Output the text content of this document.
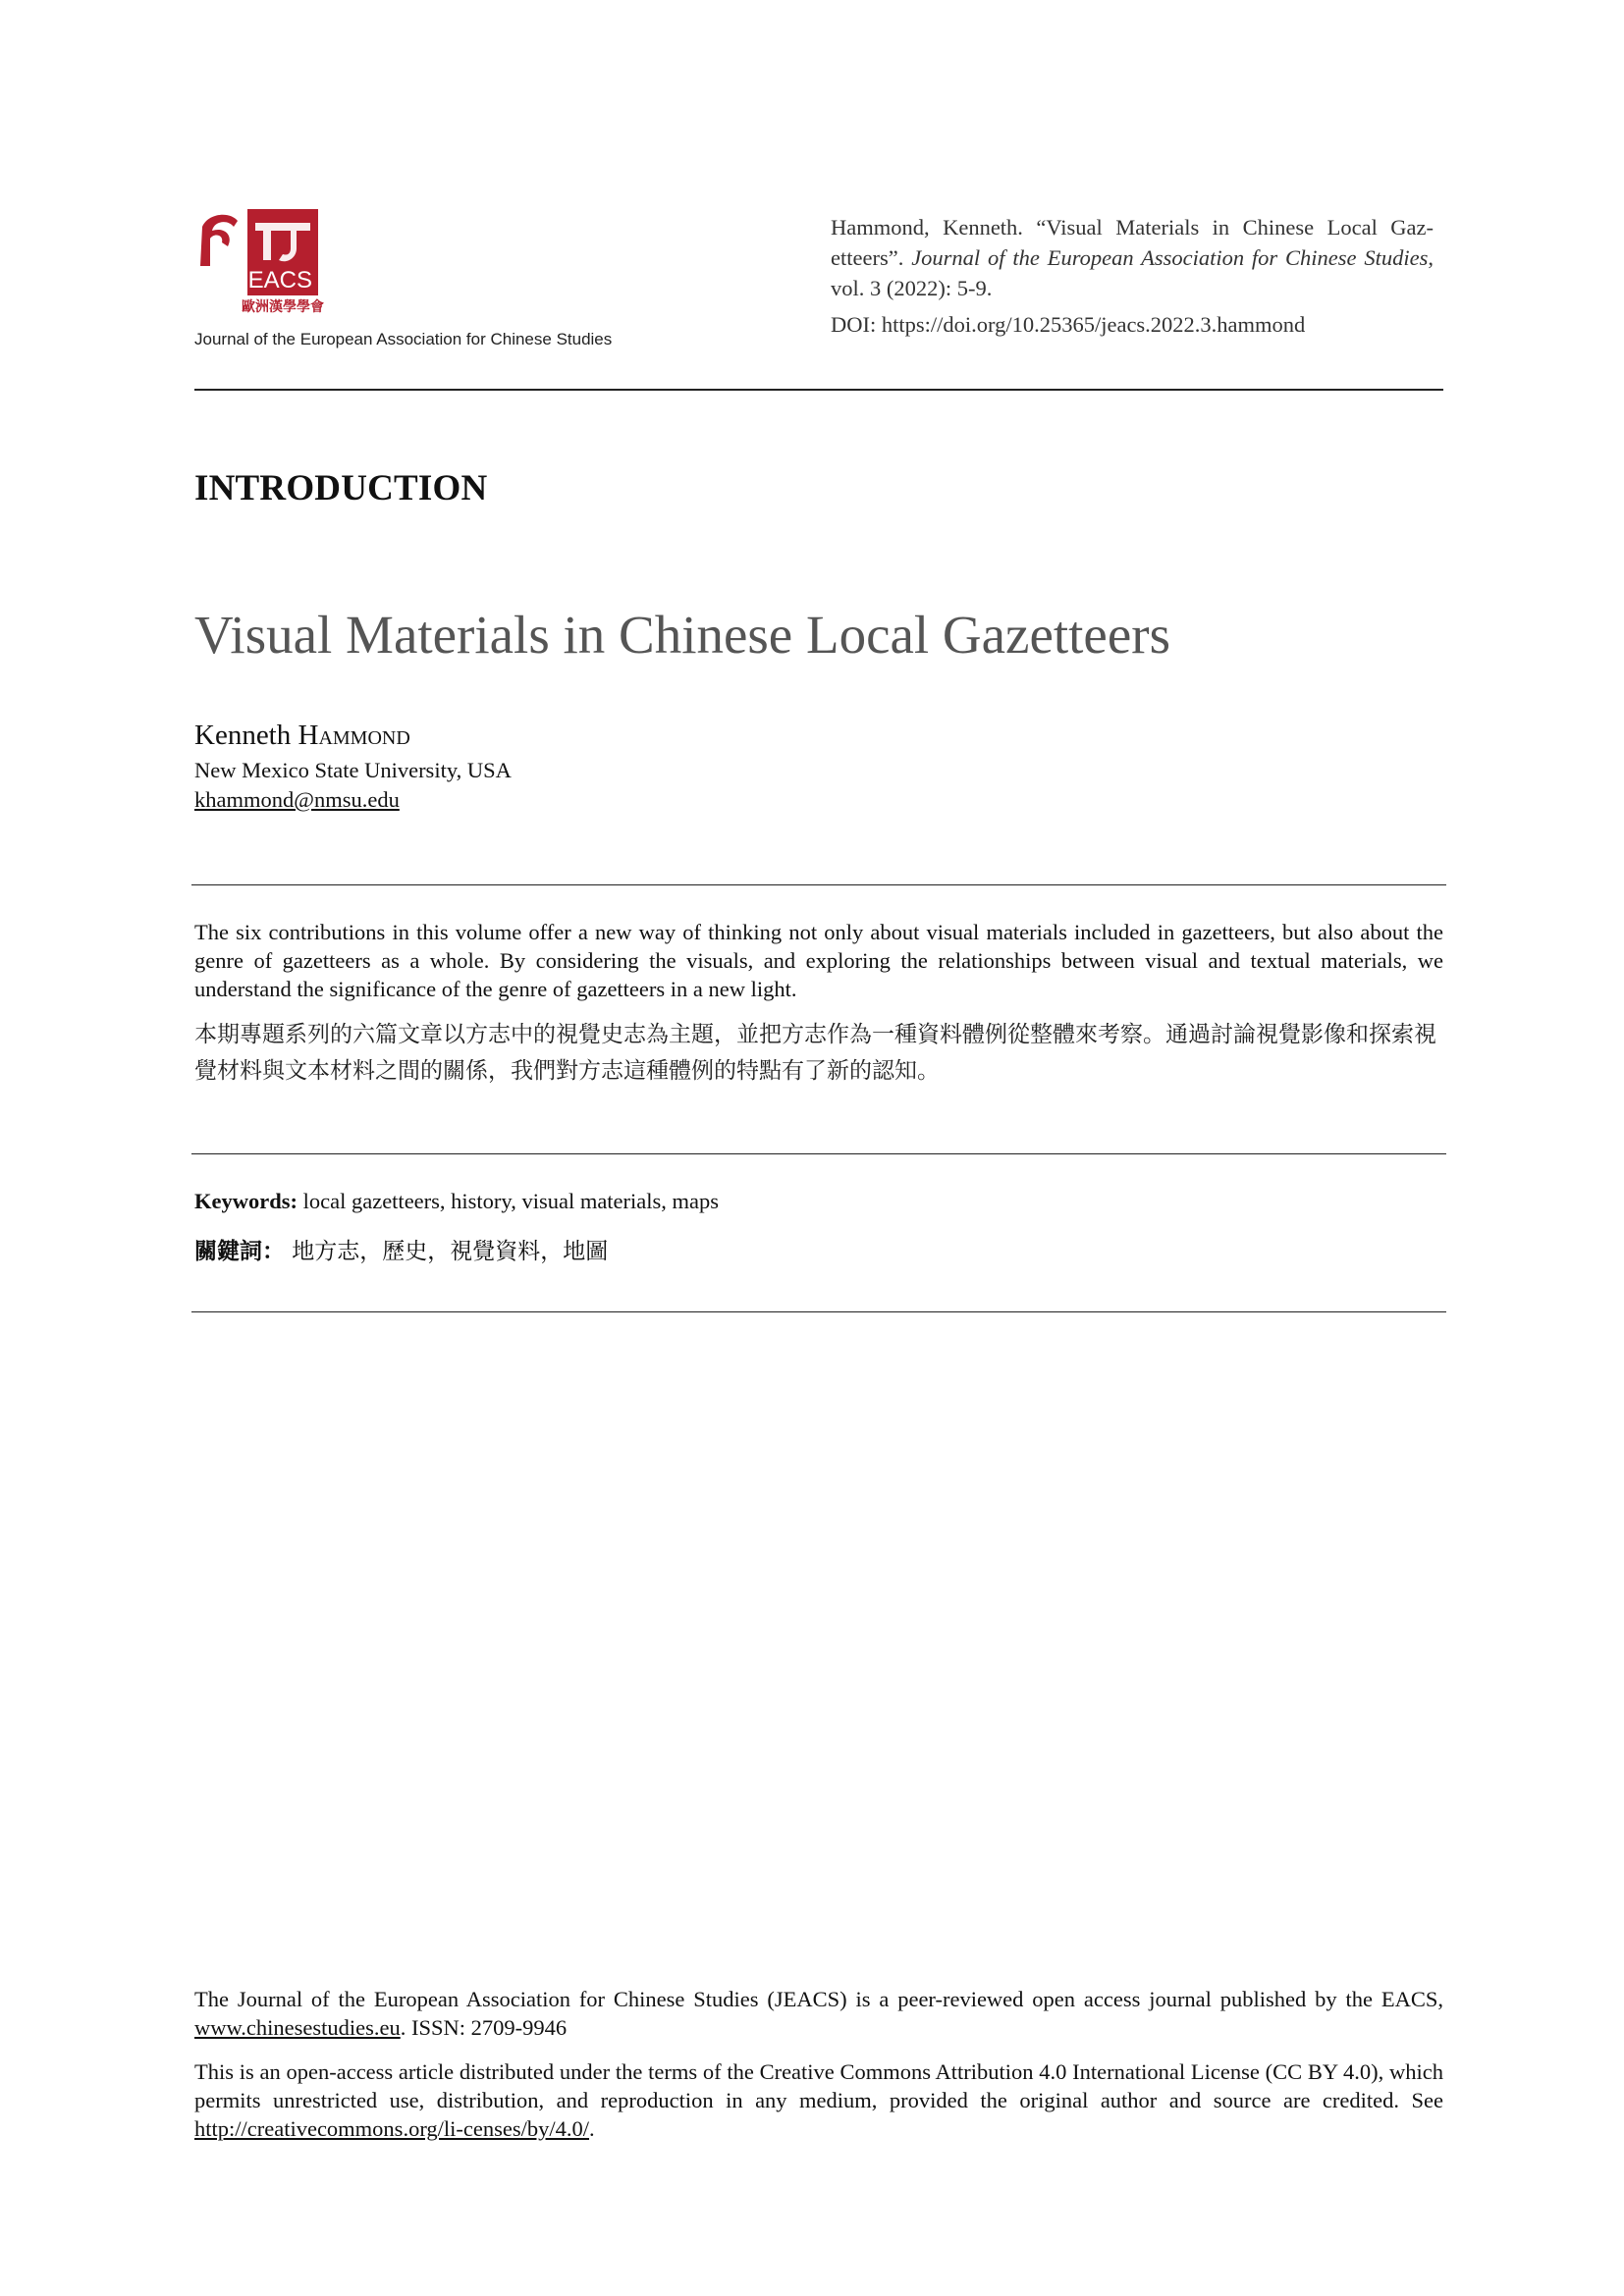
EACS
歐洲漢學學會
Journal of the European Association for Chinese Studies
Hammond, Kenneth. “Visual Materials in Chinese Local Gaz-etteers”. Journal of the European Association for Chinese Studies, vol. 3 (2022): 5-9.
DOI: https://doi.org/10.25365/jeacs.2022.3.hammond
INTRODUCTION
Visual Materials in Chinese Local Gazetteers
Kenneth Hammond
New Mexico State University, USA
khammond@nmsu.edu
The six contributions in this volume offer a new way of thinking not only about visual materials included in gazetteers, but also about the genre of gazetteers as a whole. By considering the visuals, and exploring the relationships between visual and textual materials, we understand the significance of the genre of gazetteers in a new light.
本期專題系列的六篇文章以方志中的視覺史志為主題，並把方志作為一種資料體例從整體來考察。通過討論視覺影像和探索視覺材料與文本材料之間的關係，我們對方志這種體例的特點有了新的認知。
Keywords: local gazetteers, history, visual materials, maps
關鍵詞： 地方志，歷史，視覺資料，地圖
The Journal of the European Association for Chinese Studies (JEACS) is a peer-reviewed open access journal published by the EACS, www.chinesestudies.eu. ISSN: 2709-9946
This is an open-access article distributed under the terms of the Creative Commons Attribution 4.0 International License (CC BY 4.0), which permits unrestricted use, distribution, and reproduction in any medium, provided the original author and source are credited. See http://creativecommons.org/li-censes/by/4.0/.
